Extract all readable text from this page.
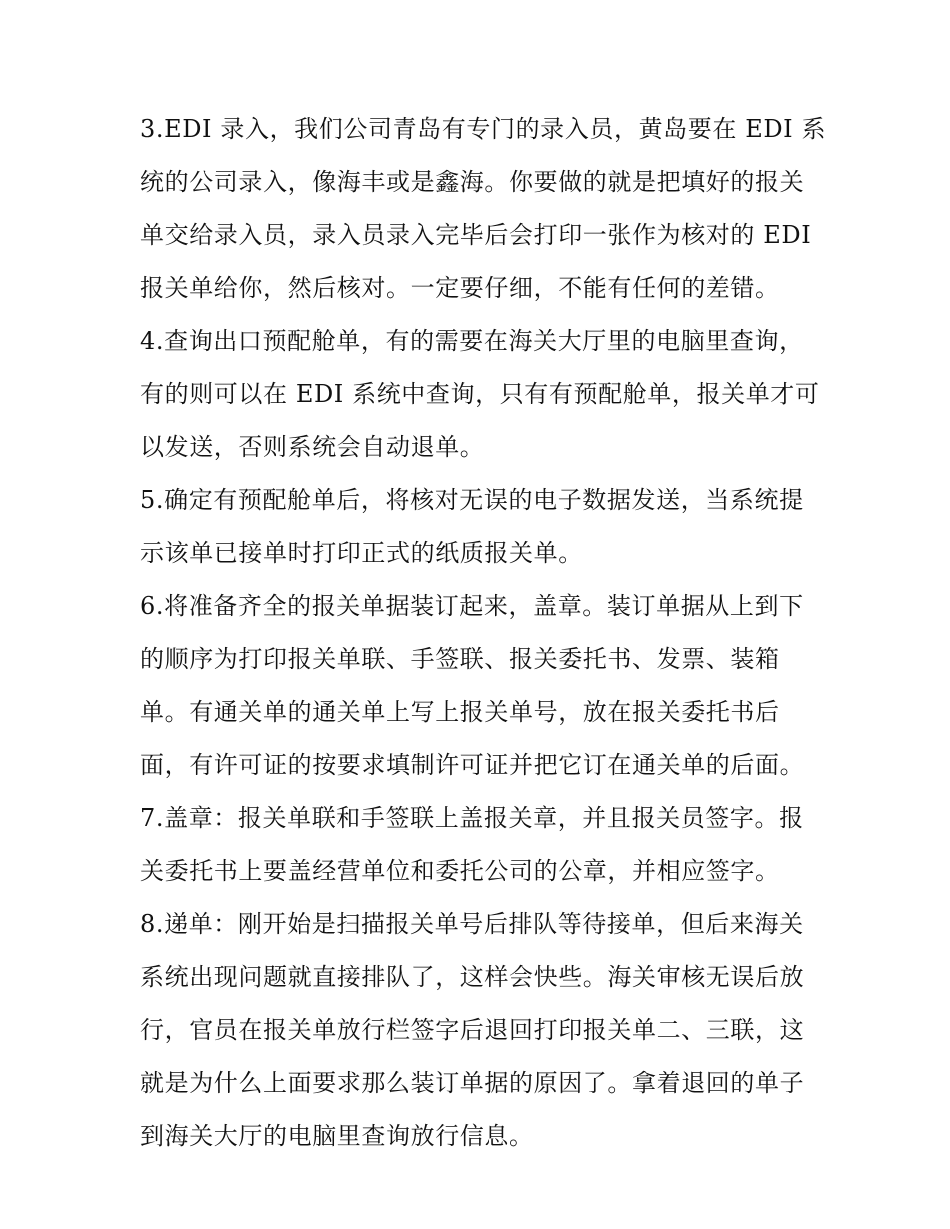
3.EDI 录入，我们公司青岛有专门的录入员，黄岛要在 EDI 系
统的公司录入，像海丰或是鑫海。你要做的就是把填好的报关
单交给录入员，录入员录入完毕后会打印一张作为核对的 EDI
报关单给你，然后核对。一定要仔细，不能有任何的差错。
4.查询出口预配舱单，有的需要在海关大厅里的电脑里查询，
有的则可以在 EDI 系统中查询，只有有预配舱单，报关单才可
以发送，否则系统会自动退单。
5.确定有预配舱单后，将核对无误的电子数据发送，当系统提
示该单已接单时打印正式的纸质报关单。
6.将准备齐全的报关单据装订起来，盖章。装订单据从上到下
的顺序为打印报关单联、手签联、报关委托书、发票、装箱
单。有通关单的通关单上写上报关单号，放在报关委托书后
面，有许可证的按要求填制许可证并把它订在通关单的后面。
7.盖章：报关单联和手签联上盖报关章，并且报关员签字。报
关委托书上要盖经营单位和委托公司的公章，并相应签字。
8.递单：刚开始是扫描报关单号后排队等待接单，但后来海关
系统出现问题就直接排队了，这样会快些。海关审核无误后放
行，官员在报关单放行栏签字后退回打印报关单二、三联，这
就是为什么上面要求那么装订单据的原因了。拿着退回的单子
到海关大厅的电脑里查询放行信息。
